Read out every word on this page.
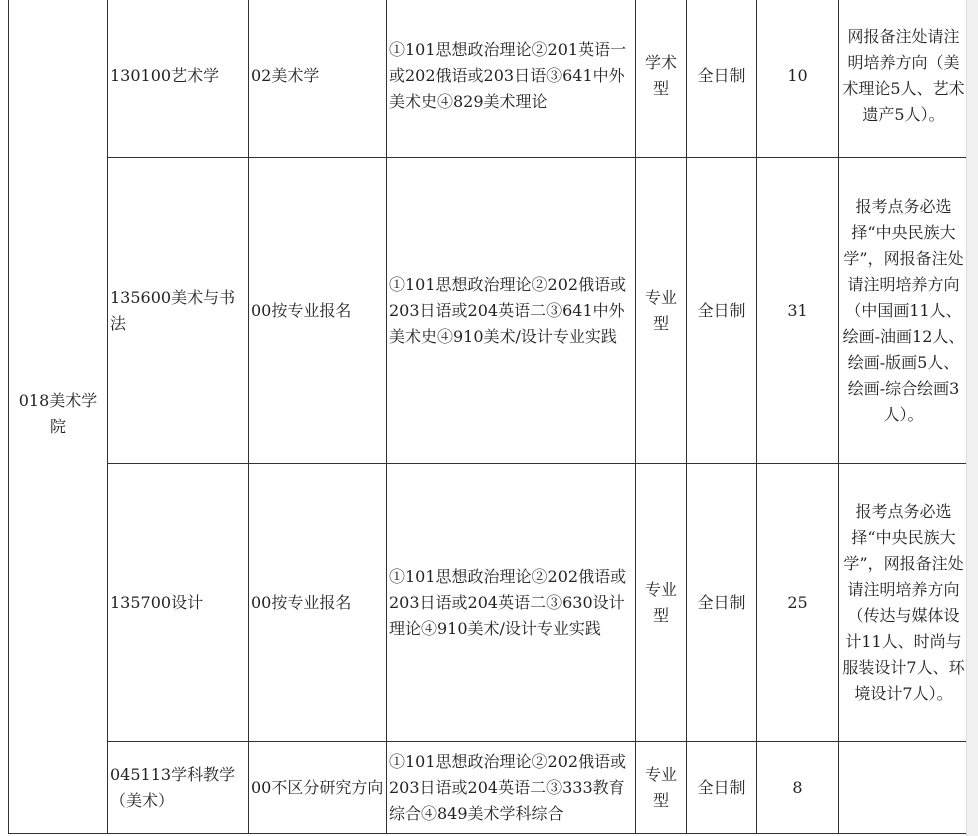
018美术学院	130100艺术学	02美术学	①101思想政治理论②201英语一或202俄语或203日语③641中外美术史④829美术理论	学术型	全日制	10	网报备注处请注明培养方向（美术理论5人、艺术遗产5人）。
	135600美术与书法	00按专业报名	①101思想政治理论②202俄语或203日语或204英语二③641中外美术史④910美术/设计专业实践	专业型	全日制	31	报考点务必选择“中央民族大学”，网报备注处请注明培养方向（中国画11人、绘画-油画12人、绘画-版画5人、绘画-综合绘画3人）。
	135700设计	00按专业报名	①101思想政治理论②202俄语或203日语或204英语二③630设计理论④910美术/设计专业实践	专业型	全日制	25	报考点务必选择“中央民族大学”，网报备注处请注明培养方向（传达与媒体设计11人、时尚与服装设计7人、环境设计7人）。
	045113学科教学（美术）	00不区分研究方向	①101思想政治理论②202俄语或203日语或204英语二③333教育综合④849美术学科综合	专业型	全日制	8	
